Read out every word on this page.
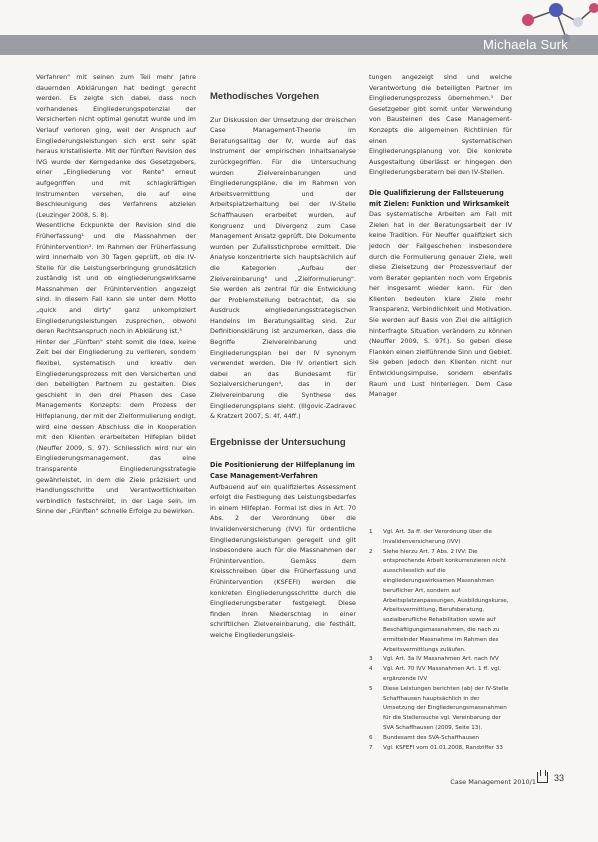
Michaela Surk

Verfahren" mit seinen zum Teil mehr Jahre dauernden Abklärungen hat bedingt gerecht werden. Es zeigte sich dabei, dass noch vorhandenes Eingliederungspotenzial der Versicherten nicht optimal genutzt wurde und im Verlauf verloren ging, weil der Anspruch auf Eingliederungsleistungen sich erst sehr spät heraus kristallisierte. Mit der fünften Revision des IVG wurde der Kerngedanke des Gesetzgebers, einer „Eingliederung vor Rente" erneut aufgegriffen und mit schlagkräftigen Instrumenten versehen, die auf eine Beschleunigung des Verfahrens abzielen (Leuzinger 2008, S. 8).

Wesentliche Eckpunkte der Revision sind die Früherfassung¹ und die Massnahmen der Frühintervention². Im Rahmen der Früherfassung wird innerhalb von 30 Tagen geprüft, ob die IV-Stelle für die Leistungserbringung grundsätzlich zuständig ist und ob eingliederungswirksame Massnahmen der Frühintervention angezeigt sind. In diesem Fall kann sie unter dem Motto „quick and dirty" ganz unkompliziert Eingliederungsleistungen zusprechen, obwohl deren Rechtsanspruch noch in Abklärung ist.³

Hinter der „Fünften" steht somit die Idee, keine Zeit bei der Eingliederung zu verlieren, sondern flexibel, systematisch und kreativ den Eingliederungsprozess mit den Versicherten und den beteiligten Partnern zu gestalten. Dies geschieht in den drei Phasen des Case Managements Konzepts: dem Prozess der Hilfeplanung, der mit der Zielformulierung endigt, wird eine dessen Abschluss die in Kooperation mit den Klienten erarbeiteten Hilfeplan bildet (Neuffer 2009, S. 97). Schliesslich wird nur ein Eingliederungsmanagement, das eine transparente Eingliederungsstrategie gewährleistet, in dem die Ziele präzisiert und Handlungsschritte und Verantwortlichkeiten verbindlich festschreibt, in der Lage sein, im Sinne der „Fünften" schnelle Erfolge zu bewirken.

Methodisches Vorgehen

Zur Diskussion der Umsetzung der dreischen Case Management-Theorie im Beratungsalltag der IV, wurde auf das Instrument der empirischen Inhaltsanalyse zurückgegriffen. Für die Untersuchung wurden Zielvereinbarungen und Eingliederungspläne, die im Rahmen von Arbeitsvermittlung und der Arbeitsplatzerhaltung bei der IV-Stelle Schaffhausen erarbeitet wurden, auf Kongruenz und Divergenz zum Case Management Ansatz geprüft. Die Dokumente wurden per Zufallsstichprobe ermittelt. Die Analyse konzentrierte sich hauptsächlich auf die Kategorien „Aufbau der Zielvereinbarung" und „Zielformulierung". Sie werden als zentral für die Entwicklung der Problemstellung betrachtet, da sie Ausdruck eingliederungsstrategischen Handelns im Beratungsalltag sind. Zur Definitionsklärung ist anzumerken, dass die Begriffe Zielvereinbarung und Eingliederungsplan bei der IV synonym verwendet werden. Die IV orientiert sich dabei an das Bundesamt für Sozialversicherungen⁴, das in der Zielvereinbarung die Synthese des Eingliederungsplans sieht. (Illgovic-Zadravec & Kratzert 2007, S. 4f, 44ff.)

Ergebnisse der Untersuchung
Die Positionierung der Hilfeplanung im Case Management-Verfahren

Aufbauend auf ein qualifiziertes Assessment erfolgt die Festlegung des Leistungsbedarfes in einem Hilfeplan. Formal ist dies in Art. 70 Abs. 2 der Verordnung über die Invalidenversicherung (IVV) für ordentliche Eingliederungsleistungen geregelt und gilt insbesondere auch für die Massnahmen der Frühintervention. Gemäss dem Kreisschreiben über die Früherfassung und Frühintervention (KSFEFI) werden die konkreten Eingliederungsschritte durch die Eingliederungsberater festgelegt. Diese finden ihren Niederschlag in einer schriftlichen Zielvereinbarung, die festhält, welche Eingliederungsleis-

tungen angezeigt sind und welche Verantwortung die beteiligten Partner im Eingliederungsprozess übernehmen.⁵ Der Gesetzgeber gibt somit unter Verwendung von Bausteinen des Case Management-Konzepts die allgemeinen Richtlinien für einen systematischen Eingliederungsplanung vor. Die konkrete Ausgestaltung überlässt er hingegen den Eingliederungsberatern bei den IV-Stellen.

Die Qualifizierung der Fallsteuerung mit Zielen: Funktion und Wirksamkeit

Das systematische Arbeiten am Fall mit Zielen hat in der Beratungsarbeit der IV keine Tradition. Für Neuffer qualifiziert sich jedoch der Fallgeschehen insbesondere durch die Formulierung genauer Ziele, weil diese Zielsetzung der Prozessverlauf der vom Berater geplanten noch vom Ergebnis her insgesamt wieder kann. Für den Klienten bedeuten klare Ziele mehr Transparenz, Verbindlichkeit und Motivation. Sie werden auf Basis von Ziel die alltäglich hinterfragte Situation verändern zu können (Neuffer 2009, S. 97f.). So geben diese Flanken einen zielführende Sinn und Gebiet. Sie geben jedoch den Klienten nicht nur Entwicklungsimpulse, sondern ebenfalls Raum und Lust hinterlegen. Dem Case Manager

1	Vgl. Art. 3a ff. der Verordnung über die Invalidenversicherung (IVV)
2	Siehe hierzu Art. 7 Abs. 2 IVV: Die entsprechende Arbeit konkurrenzieren nicht ausschliesslich auf die eingliederungswirksamen Massnahmen beruflicher Art, sondern auf Arbeitsplatzanpassungen, Ausbildungskurse, Arbeitsvermittlung, Berufsberatung, sozialberufliche Rehabilitation sowie auf Beschäftigungsmassnahmen, die nach zu ermittelnder Massnahme im Rahmen des Arbeitsvermittlungs zuläufen.
3	Vgl. Art. 3a IV Massnahmen Art. nach IVV
4	Vgl. Art. 70 IVV Massnahmen Art. 1 ff. vgl. ergänzende IVV
5	Diese Leistungen berichten (ab) der IV-Stelle Schaffhausen hauptsächlich in der Umsetzung der Eingliederungsmassnahmen für die Stellensuche vgl. Vereinbarung der SVA Schaffhausen (2009, Seite 13).
6	Bundesamt des SVA-Schaffhausen
7	Vgl. KSFEFI vom 01.01.2008, Randziffer 33
Case Management 2010/1 33
